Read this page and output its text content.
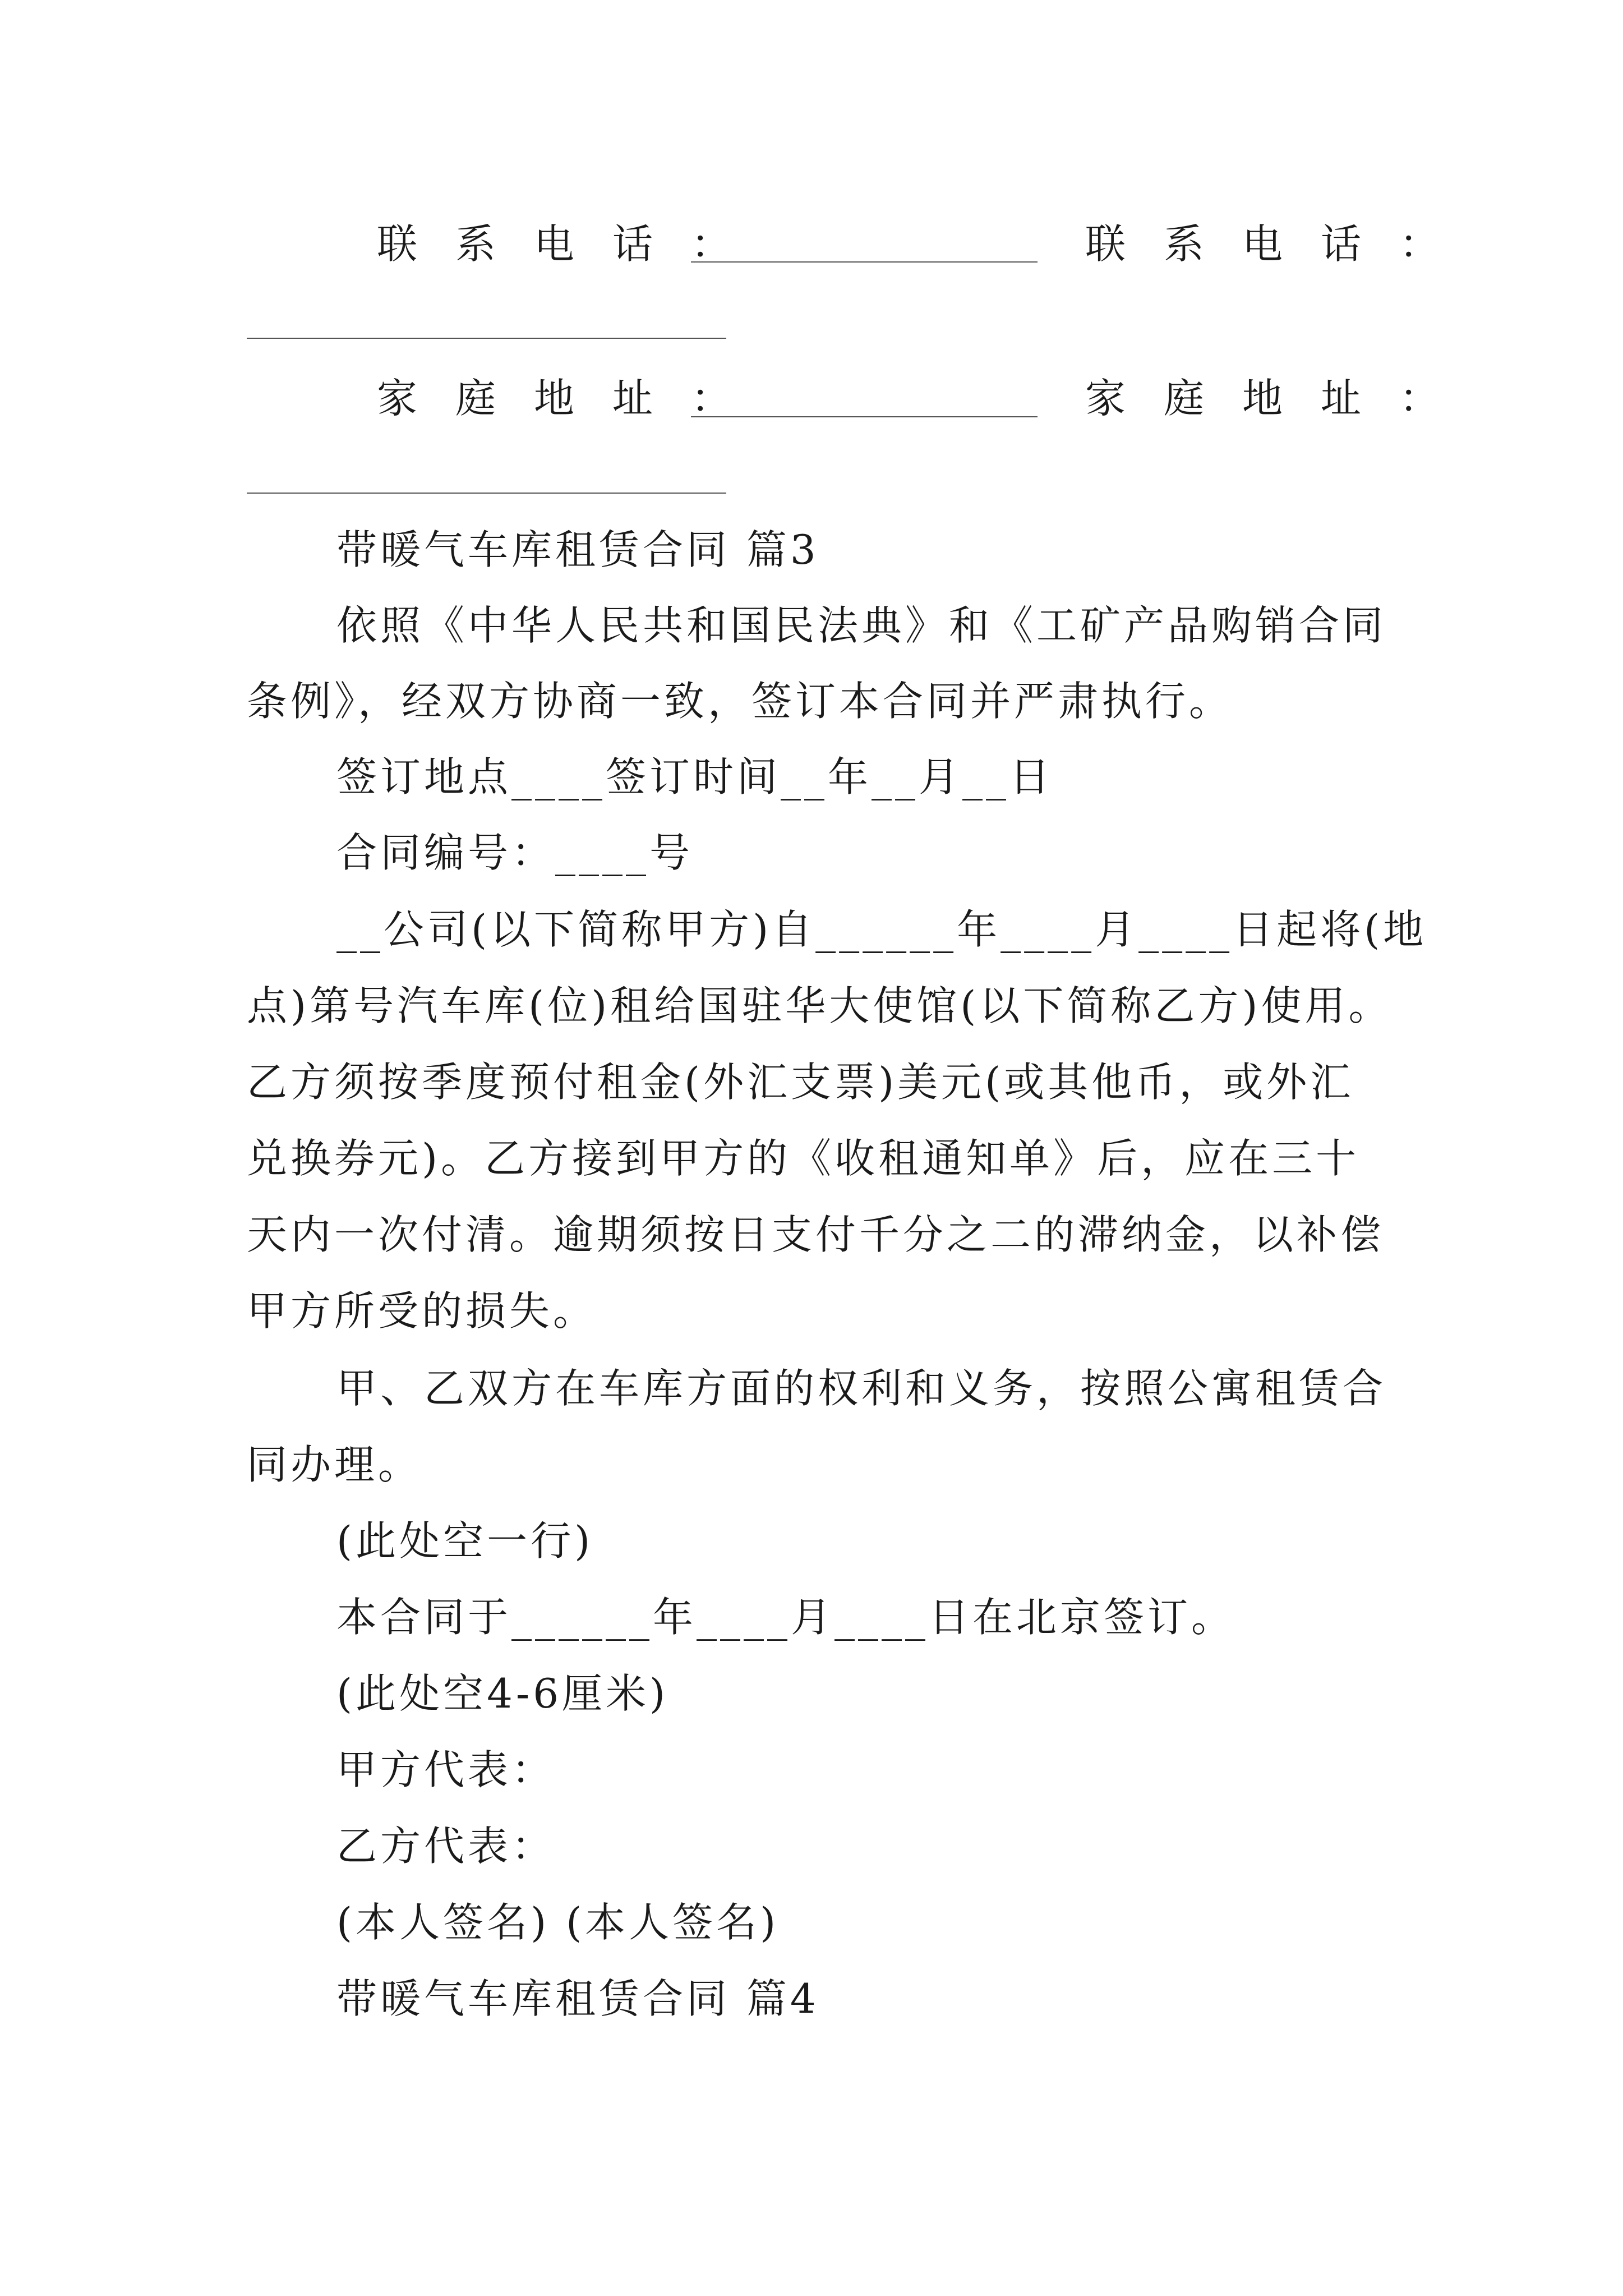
联系电话：	联系电话：
家庭地址：	家庭地址：
带暖气车库租赁合同 篇3
依照《中华人民共和国民法典》和《工矿产品购销合同
条例》，经双方协商一致，签订本合同并严肃执行。
签订地点____签订时间__年__月__日
合同编号：____号
__公司(以下简称甲方)自______年____月____日起将(地
点)第号汽车库(位)租给国驻华大使馆(以下简称乙方)使用。
乙方须按季度预付租金(外汇支票)美元(或其他币，或外汇
兑换券元)。乙方接到甲方的《收租通知单》后，应在三十
天内一次付清。逾期须按日支付千分之二的滞纳金，以补偿
甲方所受的损失。
甲、乙双方在车库方面的权利和义务，按照公寓租赁合
同办理。
(此处空一行)
本合同于______年____月____日在北京签订。
(此处空4-6厘米)
甲方代表：
乙方代表：
(本人签名) (本人签名)
带暖气车库租赁合同 篇4
